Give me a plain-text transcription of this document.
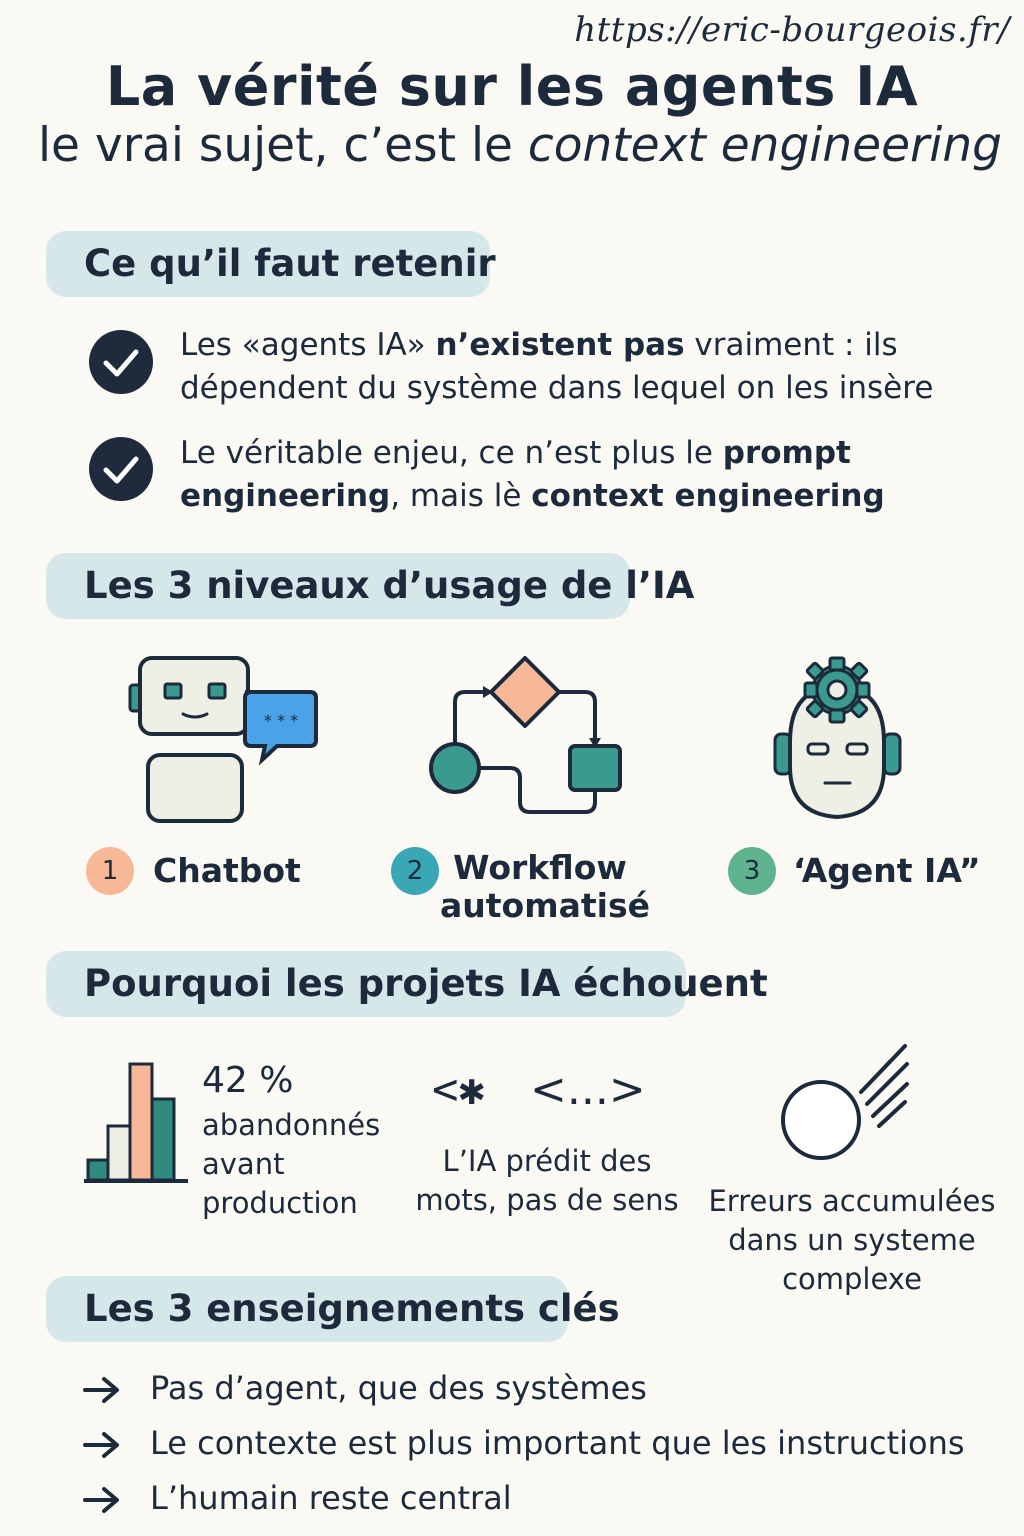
https://eric-bourgeois.fr/
La vérité sur les agents IA
le vrai sujet, c’est le context engineering
Ce qu’il faut retenir
Les «agents IA» n’existent pas vraiment : ils
dépendent du système dans lequel on les insère
Le véritable enjeu, ce n’est plus le prompt
engineering, mais lè context engineering
Les 3 niveaux d’usage de l’IA
* * *
1	Chatbot	2 Workflow
automatisé
3 ‘Agent IA”
Pourquoi les projets IA échouent
42 %
abandonnés
avant
production
<✱ <...>
L’IA prédit des
mots, pas de sens Erreurs accumulées
dans un systeme
complexe
Les 3 enseignements clés
Pas d’agent, que des systèmes
Le contexte est plus important que les instructions
L’humain reste central
